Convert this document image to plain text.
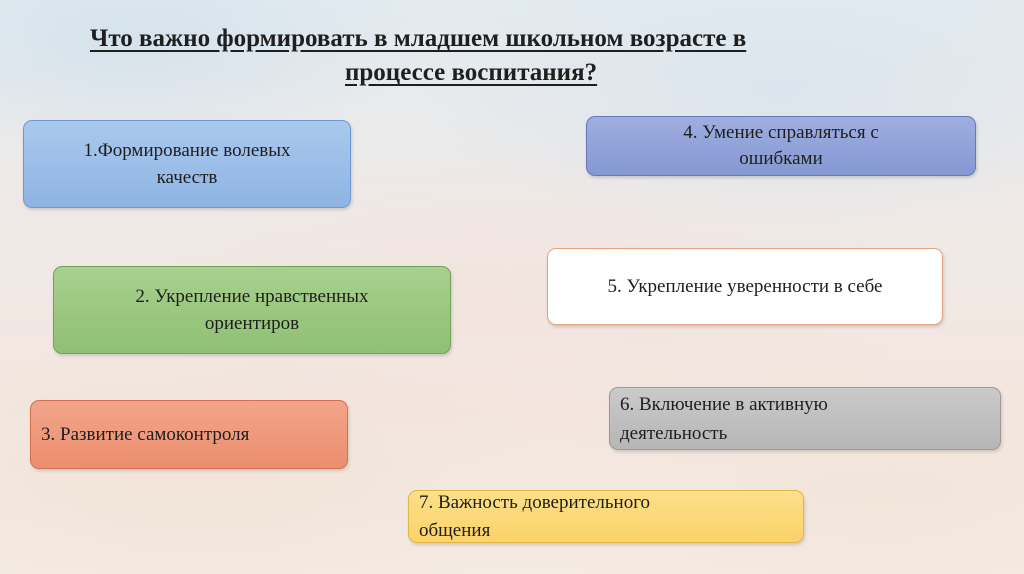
Что важно формировать в младшем школьном возрасте в
процессе воспитания?
1.Формирование волевых
качеств
2. Укрепление нравственных
ориентиров
3. Развитие самоконтроля
4. Умение справляться с
ошибками
5. Укрепление уверенности в себе
6. Включение в активную
деятельность
7. Важность доверительного
общения
